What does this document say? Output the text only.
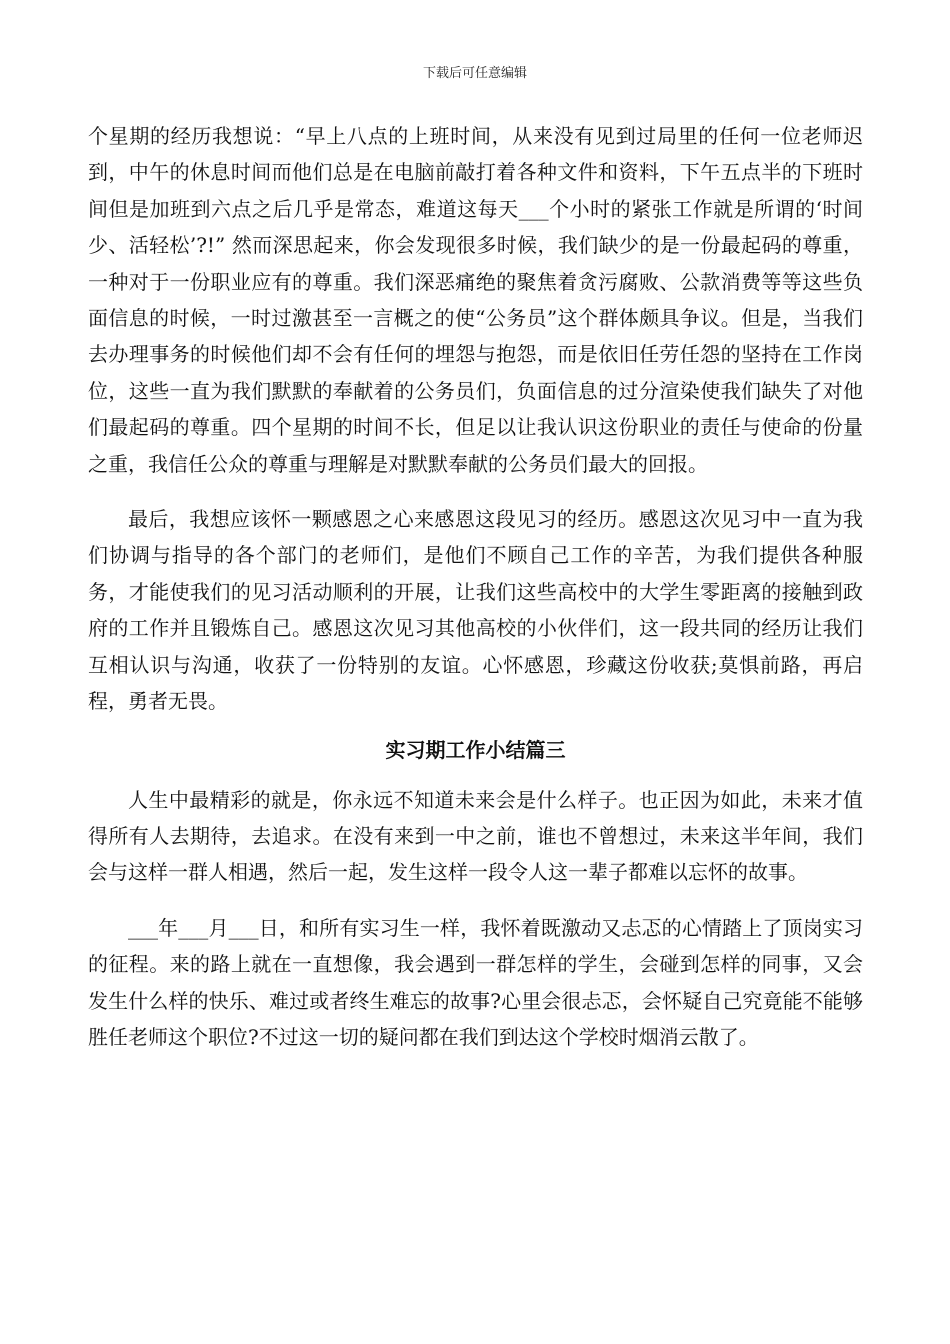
下载后可任意编辑

个星期的经历我想说：“早上八点的上班时间，从来没有见到过局里的任何一位老师迟到，中午的休息时间而他们总是在电脑前敲打着各种文件和资料，下午五点半的下班时间但是加班到六点之后几乎是常态，难道这每天___个小时的紧张工作就是所谓的‘时间少、活轻松’?!” 然而深思起来，你会发现很多时候，我们缺少的是一份最起码的尊重，一种对于一份职业应有的尊重。我们深恶痛绝的聚焦着贪污腐败、公款消费等等这些负面信息的时候，一时过激甚至一言概之的使“公务员”这个群体颇具争议。但是，当我们去办理事务的时候他们却不会有任何的埋怨与抱怨，而是依旧任劳任怨的坚持在工作岗位，这些一直为我们默默的奉献着的公务员们，负面信息的过分渲染使我们缺失了对他们最起码的尊重。四个星期的时间不长，但足以让我认识这份职业的责任与使命的份量之重，我信任公众的尊重与理解是对默默奉献的公务员们最大的回报。

最后，我想应该怀一颗感恩之心来感恩这段见习的经历。感恩这次见习中一直为我们协调与指导的各个部门的老师们，是他们不顾自己工作的辛苦，为我们提供各种服务，才能使我们的见习活动顺利的开展，让我们这些高校中的大学生零距离的接触到政府的工作并且锻炼自己。感恩这次见习其他高校的小伙伴们，这一段共同的经历让我们互相认识与沟通，收获了一份特别的友谊。心怀感恩，珍藏这份收获;莫惧前路，再启程，勇者无畏。

实习期工作小结篇三

人生中最精彩的就是，你永远不知道未来会是什么样子。也正因为如此，未来才值得所有人去期待，去追求。在没有来到一中之前，谁也不曾想过，未来这半年间，我们会与这样一群人相遇，然后一起，发生这样一段令人这一辈子都难以忘怀的故事。

___年___月___日，和所有实习生一样，我怀着既激动又忐忑的心情踏上了顶岗实习的征程。来的路上就在一直想像，我会遇到一群怎样的学生，会碰到怎样的同事，又会发生什么样的快乐、难过或者终生难忘的故事?心里会很忐忑，会怀疑自己究竟能不能够胜任老师这个职位?不过这一切的疑问都在我们到达这个学校时烟消云散了。
